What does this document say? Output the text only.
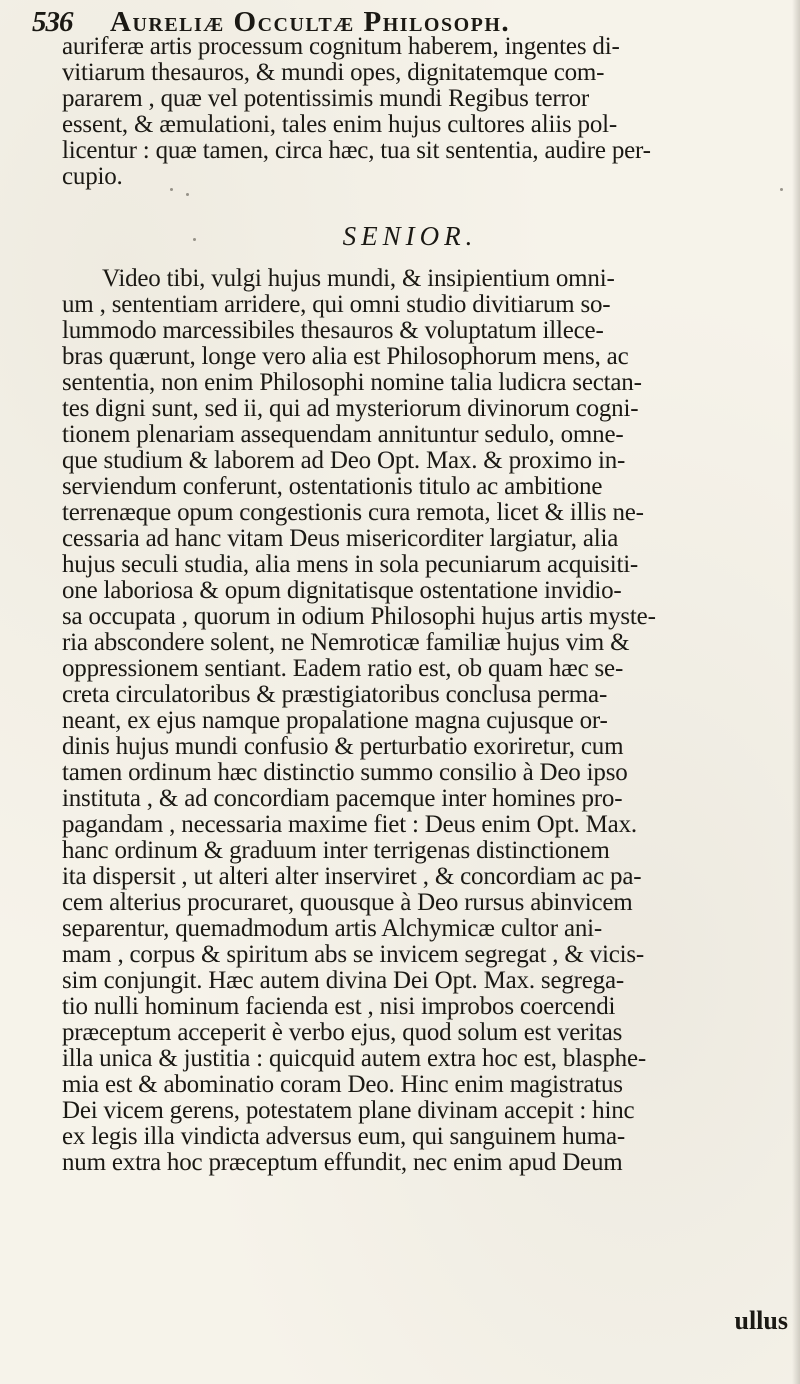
536 Aureliæ Occultæ Philosoph.
auriferæ artis processum cognitum haberem, ingentes di-
vitiarum thesauros, & mundi opes, dignitatemque com-
pararem , quæ vel potentissimis mundi Regibus terror
essent, & æmulationi, tales enim hujus cultores aliis pol-
licentur : quæ tamen, circa hæc, tua sit sententia, audire per-
cupio.
SENIOR.
Video tibi, vulgi hujus mundi, & insipientium omni-
um , sententiam arridere, qui omni studio divitiarum so-
lummodo marcessibiles thesauros & voluptatum illece-
bras quærunt, longe vero alia est Philosophorum mens, ac
sententia, non enim Philosophi nomine talia ludicra sectan-
tes digni sunt, sed ii, qui ad mysteriorum divinorum cogni-
tionem plenariam assequendam annituntur sedulo, omne-
que studium & laborem ad Deo Opt. Max. & proximo in-
serviendum conferunt, ostentationis titulo ac ambitione
terrenæque opum congestionis cura remota, licet & illis ne-
cessaria ad hanc vitam Deus misericorditer largiatur, alia
hujus seculi studia, alia mens in sola pecuniarum acquisiti-
one laboriosa & opum dignitatisque ostentatione invidio-
sa occupata , quorum in odium Philosophi hujus artis myste-
ria abscondere solent, ne Nemroticæ familiæ hujus vim &
oppressionem sentiant. Eadem ratio est, ob quam hæc se-
creta circulatoribus & præstigiatoribus conclusa perma-
neant, ex ejus namque propalatione magna cujusque or-
dinis hujus mundi confusio & perturbatio exoriretur, cum
tamen ordinum hæc distinctio summo consilio à Deo ipso
instituta , & ad concordiam pacemque inter homines pro-
pagandam , necessaria maxime fiet : Deus enim Opt. Max.
hanc ordinum & graduum inter terrigenas distinctionem
ita dispersit , ut alteri alter inserviret , & concordiam ac pa-
cem alterius procuraret, quousque à Deo rursus abinvicem
separentur, quemadmodum artis Alchymicæ cultor ani-
mam , corpus & spiritum abs se invicem segregat , & vicis-
sim conjungit. Hæc autem divina Dei Opt. Max. segrega-
tio nulli hominum facienda est , nisi improbos coercendi
præceptum acceperit è verbo ejus, quod solum est veritas
illa unica & justitia : quicquid autem extra hoc est, blasphe-
mia est & abominatio coram Deo. Hinc enim magistratus
Dei vicem gerens, potestatem plane divinam accepit : hinc
ex legis illa vindicta adversus eum, qui sanguinem huma-
num extra hoc præceptum effundit, nec enim apud Deum
ullus
